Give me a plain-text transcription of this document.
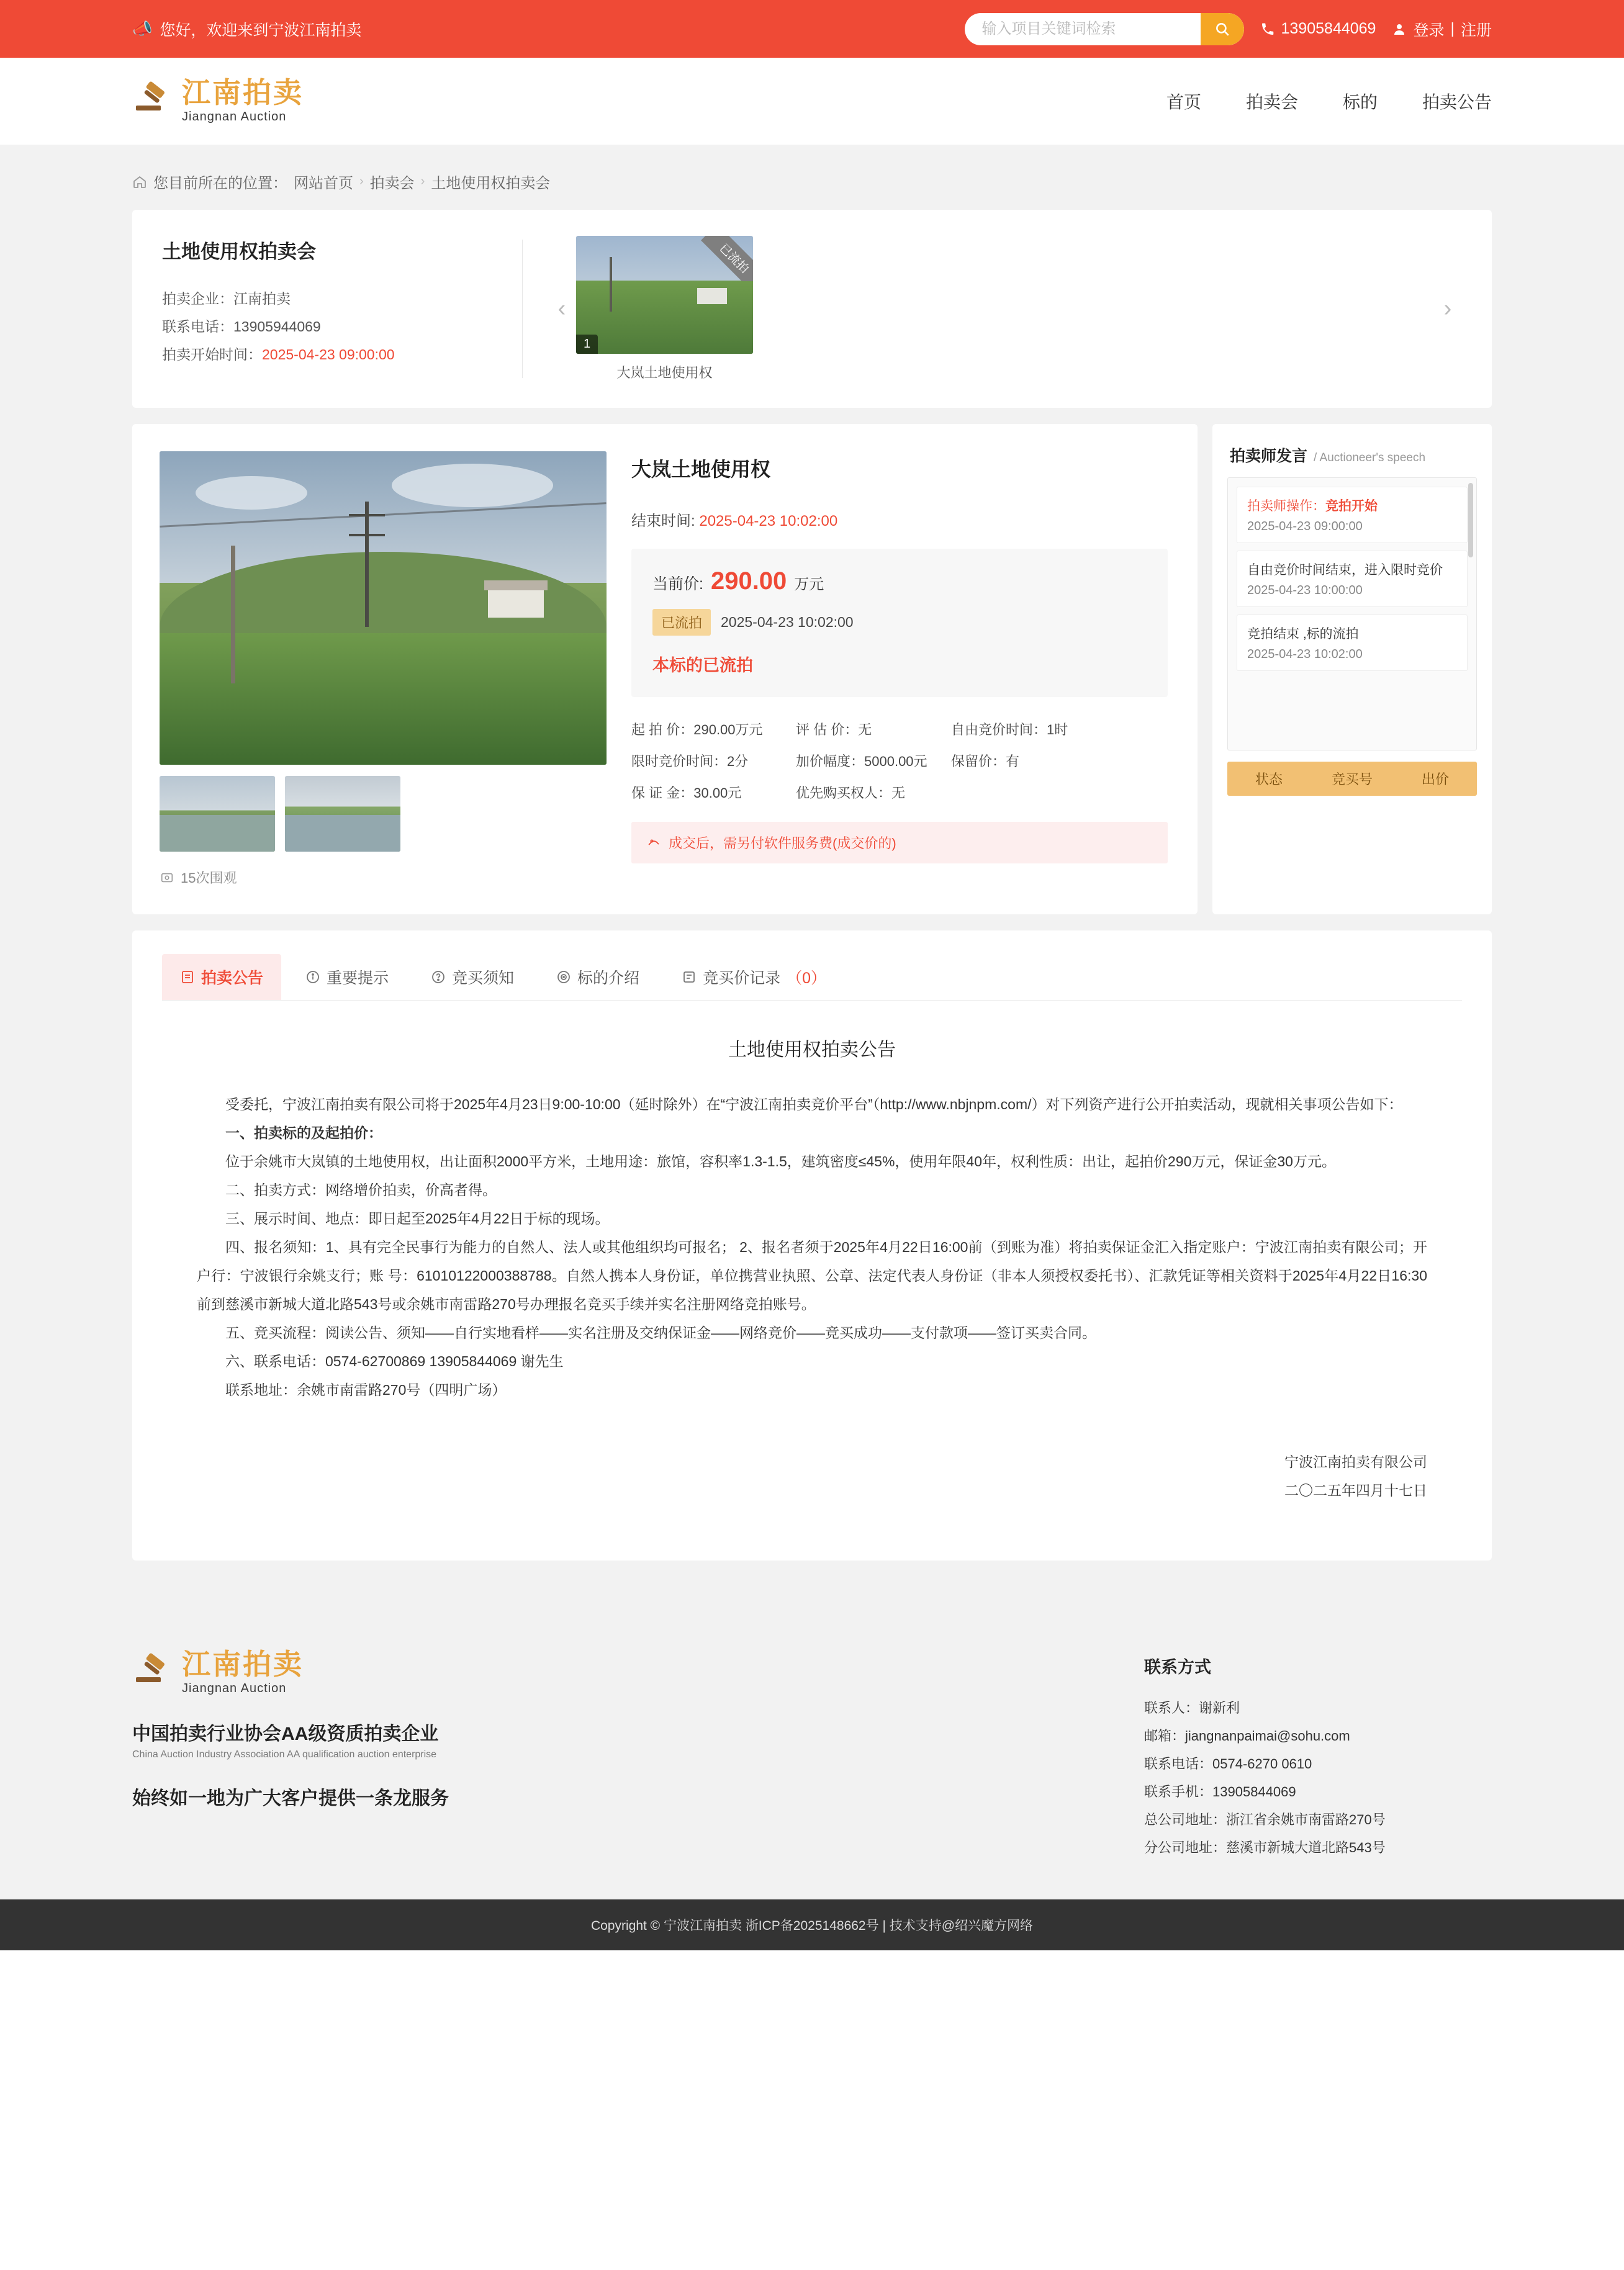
📣 您好，欢迎来到宁波江南拍卖
输入项目关键词检索	13905844069 登录 | 注册
江南拍卖
Jiangnan Auction
首页	拍卖会	标的	拍卖公告
您目前所在的位置： 网站首页 › 拍卖会 › 土地使用权拍卖会
土地使用权拍卖会
拍卖企业：江南拍卖
联系电话：13905944069
拍卖开始时间：2025-04-23 09:00:00
‹
1
已流拍
大岚土地使用权
›
15次围观
大岚土地使用权
结束时间: 2025-04-23 10:02:00
当前价: 290.00 万元
已流拍	2025-04-23 10:02:00
本标的已流拍
起 拍 价：290.00万元	评 估 价：无	自由竞价时间：1时
限时竞价时间：2分	加价幅度：5000.00元	保留价：有
保 证 金：30.00元	优先购买权人：无
成交后，需另付软件服务费(成交价的)
拍卖师发言 / Auctioneer's speech
拍卖师操作：竞拍开始
2025-04-23 09:00:00
自由竞价时间结束，进入限时竞价
2025-04-23 10:00:00
竞拍结束 ,标的流拍
2025-04-23 10:02:00
状态	竞买号	出价
拍卖公告	重要提示	竞买须知	标的介绍	竞买价记录 （0）
土地使用权拍卖公告

受委托，宁波江南拍卖有限公司将于2025年4月23日9:00-10:00（延时除外）在“宁波江南拍卖竞价平台”（http://www.nbjnpm.com/）对下列资产进行公开拍卖活动，现就相关事项公告如下：

一、拍卖标的及起拍价：

位于余姚市大岚镇的土地使用权，出让面积2000平方米，土地用途：旅馆，容积率1.3-1.5，建筑密度≤45%，使用年限40年，权利性质：出让，起拍价290万元，保证金30万元。

二、拍卖方式：网络增价拍卖，价高者得。

三、展示时间、地点：即日起至2025年4月22日于标的现场。

四、报名须知：1、具有完全民事行为能力的自然人、法人或其他组织均可报名； 2、报名者须于2025年4月22日16:00前（到账为准）将拍卖保证金汇入指定账户：宁波江南拍卖有限公司；开户行：宁波银行余姚支行；账 号：61010122000388788。自然人携本人身份证，单位携营业执照、公章、法定代表人身份证（非本人须授权委托书）、汇款凭证等相关资料于2025年4月22日16:30前到慈溪市新城大道北路543号或余姚市南雷路270号办理报名竞买手续并实名注册网络竞拍账号。

五、竞买流程：阅读公告、须知——自行实地看样——实名注册及交纳保证金——网络竞价——竞买成功——支付款项——签订买卖合同。

六、联系电话：0574-62700869 13905844069 谢先生

联系地址：余姚市南雷路270号（四明广场）

宁波江南拍卖有限公司
二〇二五年四月十七日
江南拍卖
Jiangnan Auction
中国拍卖行业协会AA级资质拍卖企业
China Auction Industry Association AA qualification auction enterprise
始终如一地为广大客户提供一条龙服务
联系方式
联系人：谢新利
邮箱：jiangnanpaimai@sohu.com
联系电话：0574-6270 0610
联系手机：13905844069
总公司地址：浙江省余姚市南雷路270号
分公司地址：慈溪市新城大道北路543号
Copyright © 宁波江南拍卖 浙ICP备2025148662号 | 技术支持@绍兴魔方网络
